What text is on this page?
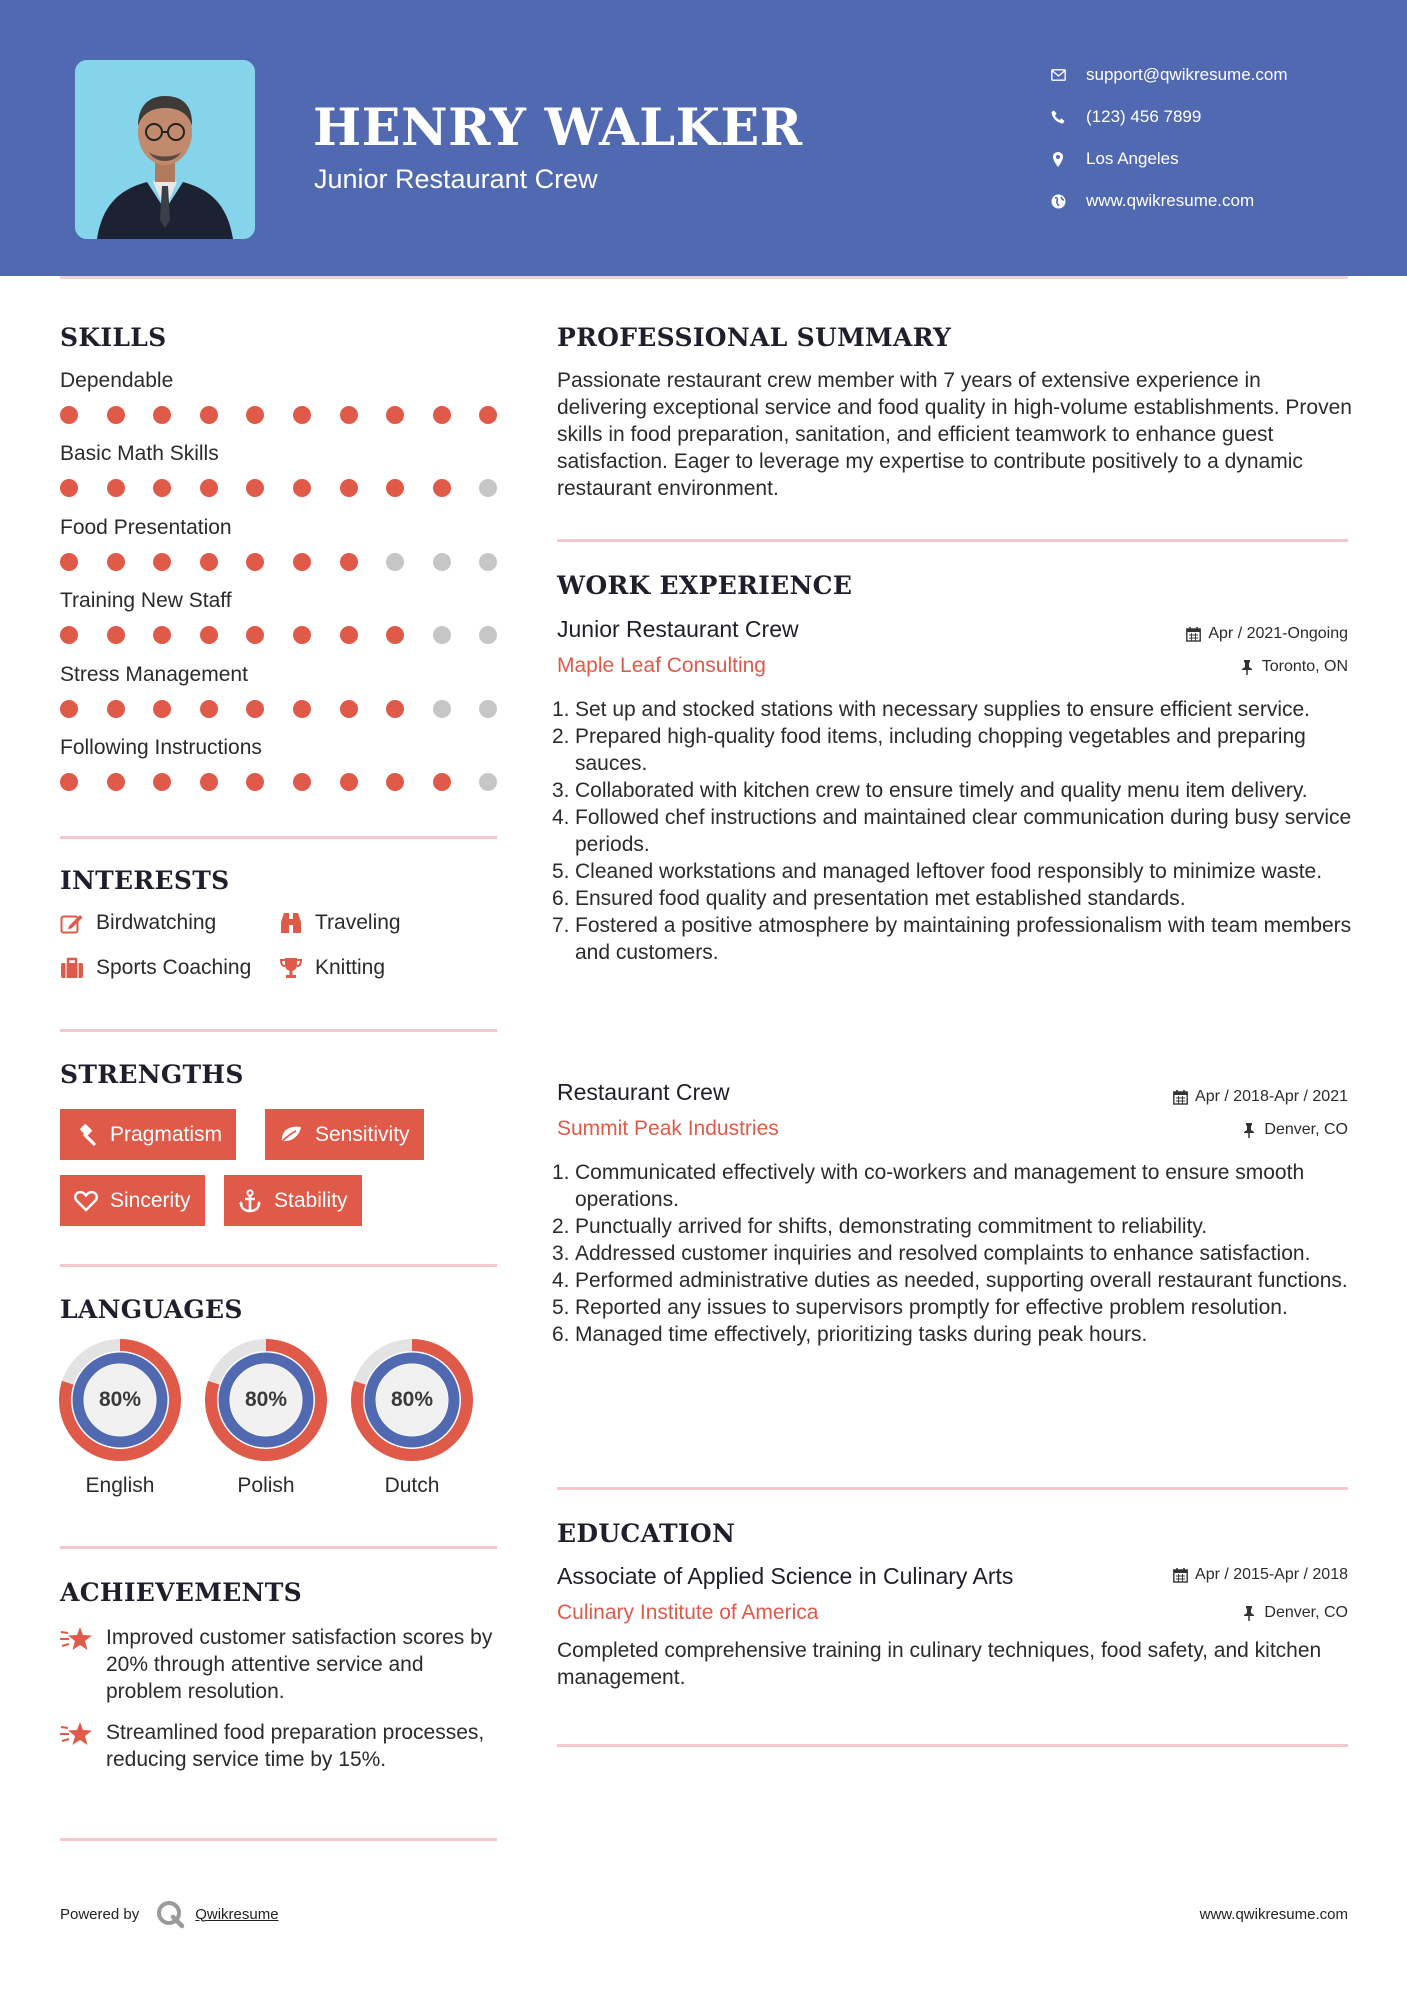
HENRY WALKER
Junior Restaurant Crew
support@qwikresume.com
(123) 456 7899
Los Angeles
www.qwikresume.com
SKILLS
Dependable
Basic Math Skills
Food Presentation
Training New Staff
Stress Management
Following Instructions
INTERESTS
Birdwatching	Traveling
Sports Coaching	Knitting
STRENGTHS
Pragmatism	Sensitivity
Sincerity	Stability
LANGUAGES
80%
English
80%
Polish
80%
Dutch
ACHIEVEMENTS
Improved customer satisfaction scores by 20% through attentive service and problem resolution.
Streamlined food preparation processes, reducing service time by 15%.
PROFESSIONAL SUMMARY
Passionate restaurant crew member with 7 years of extensive experience in delivering exceptional service and food quality in high-volume establishments. Proven skills in food preparation, sanitation, and efficient teamwork to enhance guest satisfaction. Eager to leverage my expertise to contribute positively to a dynamic restaurant environment.
WORK EXPERIENCE
Junior Restaurant Crew	Apr / 2021-Ongoing
Maple Leaf Consulting	Toronto, ON
1. Set up and stocked stations with necessary supplies to ensure efficient service.
2. Prepared high-quality food items, including chopping vegetables and preparing sauces.
3. Collaborated with kitchen crew to ensure timely and quality menu item delivery.
4. Followed chef instructions and maintained clear communication during busy service periods.
5. Cleaned workstations and managed leftover food responsibly to minimize waste.
6. Ensured food quality and presentation met established standards.
7. Fostered a positive atmosphere by maintaining professionalism with team members and customers.
Restaurant Crew	Apr / 2018-Apr / 2021
Summit Peak Industries	Denver, CO
1. Communicated effectively with co-workers and management to ensure smooth operations.
2. Punctually arrived for shifts, demonstrating commitment to reliability.
3. Addressed customer inquiries and resolved complaints to enhance satisfaction.
4. Performed administrative duties as needed, supporting overall restaurant functions.
5. Reported any issues to supervisors promptly for effective problem resolution.
6. Managed time effectively, prioritizing tasks during peak hours.
EDUCATION
Associate of Applied Science in Culinary Arts	Apr / 2015-Apr / 2018
Culinary Institute of America	Denver, CO
Completed comprehensive training in culinary techniques, food safety, and kitchen management.
Powered by	Qwikresume	www.qwikresume.com
